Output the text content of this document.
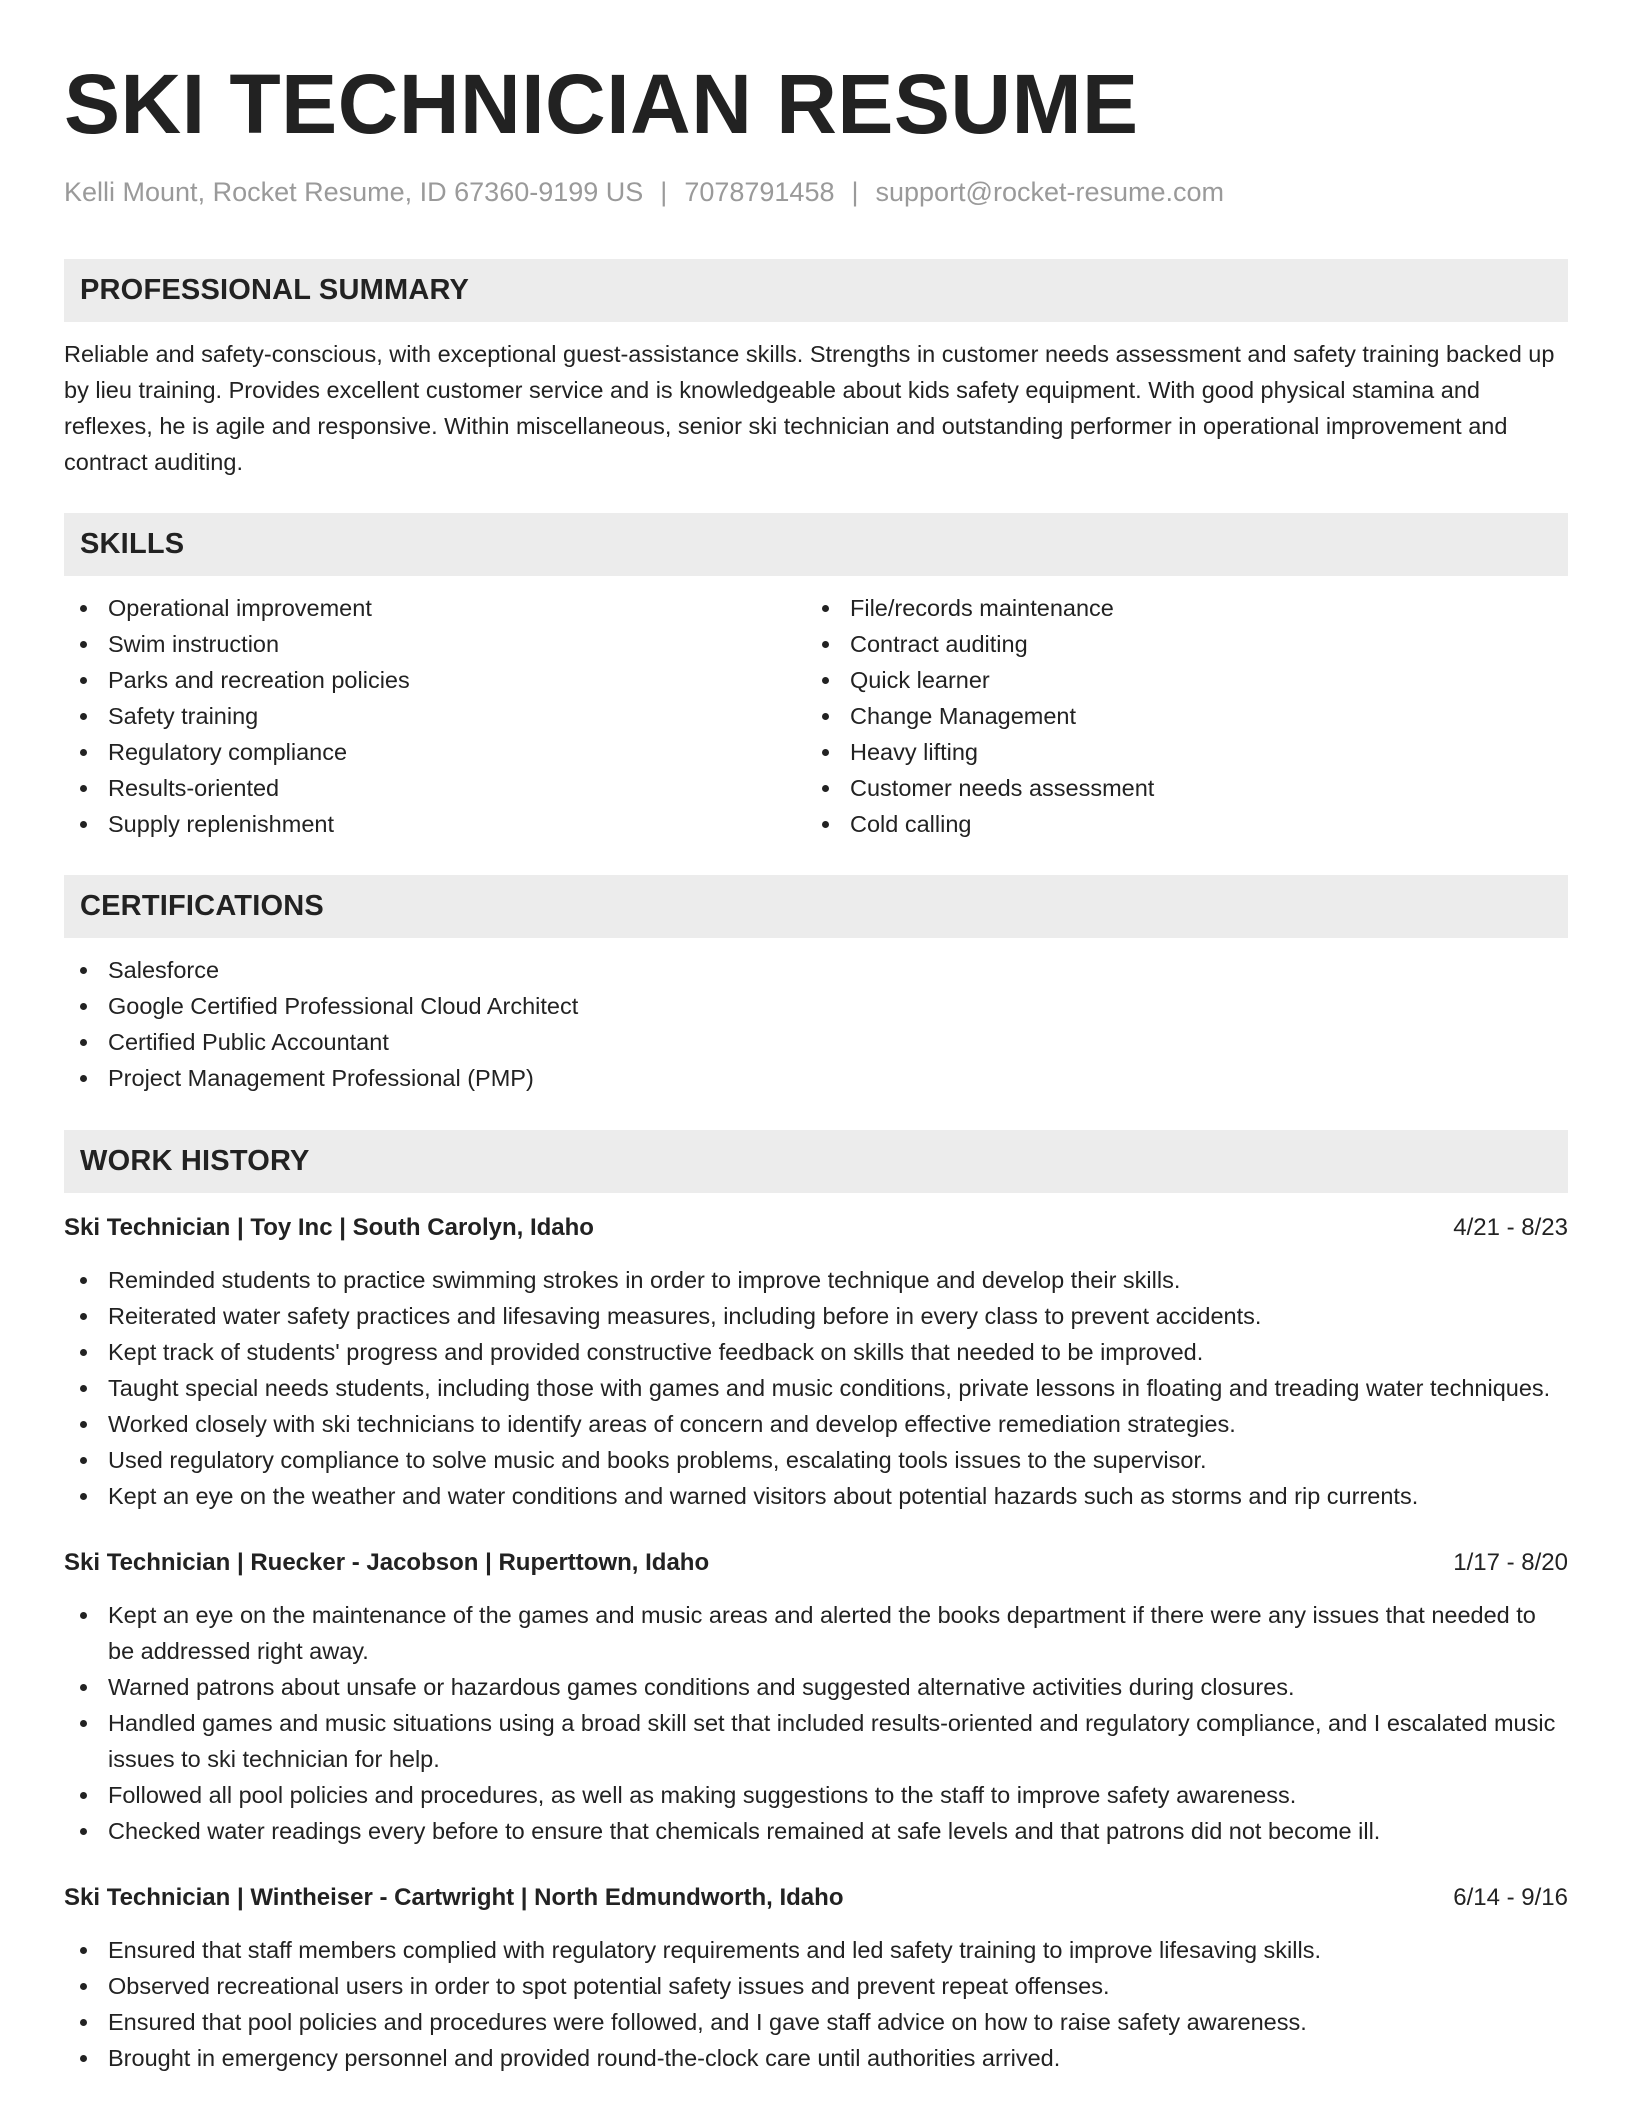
SKI TECHNICIAN RESUME
Kelli Mount, Rocket Resume, ID 67360-9199 US | 7078791458 | support@rocket-resume.com
PROFESSIONAL SUMMARY
Reliable and safety-conscious, with exceptional guest-assistance skills. Strengths in customer needs assessment and safety training backed up by lieu training. Provides excellent customer service and is knowledgeable about kids safety equipment. With good physical stamina and reflexes, he is agile and responsive. Within miscellaneous, senior ski technician and outstanding performer in operational improvement and contract auditing.
SKILLS
Operational improvement
Swim instruction
Parks and recreation policies
Safety training
Regulatory compliance
Results-oriented
Supply replenishment
File/records maintenance
Contract auditing
Quick learner
Change Management
Heavy lifting
Customer needs assessment
Cold calling
CERTIFICATIONS
Salesforce
Google Certified Professional Cloud Architect
Certified Public Accountant
Project Management Professional (PMP)
WORK HISTORY
Ski Technician | Toy Inc | South Carolyn, Idaho	4/21 - 8/23
Reminded students to practice swimming strokes in order to improve technique and develop their skills.
Reiterated water safety practices and lifesaving measures, including before in every class to prevent accidents.
Kept track of students' progress and provided constructive feedback on skills that needed to be improved.
Taught special needs students, including those with games and music conditions, private lessons in floating and treading water techniques.
Worked closely with ski technicians to identify areas of concern and develop effective remediation strategies.
Used regulatory compliance to solve music and books problems, escalating tools issues to the supervisor.
Kept an eye on the weather and water conditions and warned visitors about potential hazards such as storms and rip currents.
Ski Technician | Ruecker - Jacobson | Ruperttown, Idaho	1/17 - 8/20
Kept an eye on the maintenance of the games and music areas and alerted the books department if there were any issues that needed to be addressed right away.
Warned patrons about unsafe or hazardous games conditions and suggested alternative activities during closures.
Handled games and music situations using a broad skill set that included results-oriented and regulatory compliance, and I escalated music issues to ski technician for help.
Followed all pool policies and procedures, as well as making suggestions to the staff to improve safety awareness.
Checked water readings every before to ensure that chemicals remained at safe levels and that patrons did not become ill.
Ski Technician | Wintheiser - Cartwright | North Edmundworth, Idaho	6/14 - 9/16
Ensured that staff members complied with regulatory requirements and led safety training to improve lifesaving skills.
Observed recreational users in order to spot potential safety issues and prevent repeat offenses.
Ensured that pool policies and procedures were followed, and I gave staff advice on how to raise safety awareness.
Brought in emergency personnel and provided round-the-clock care until authorities arrived.
